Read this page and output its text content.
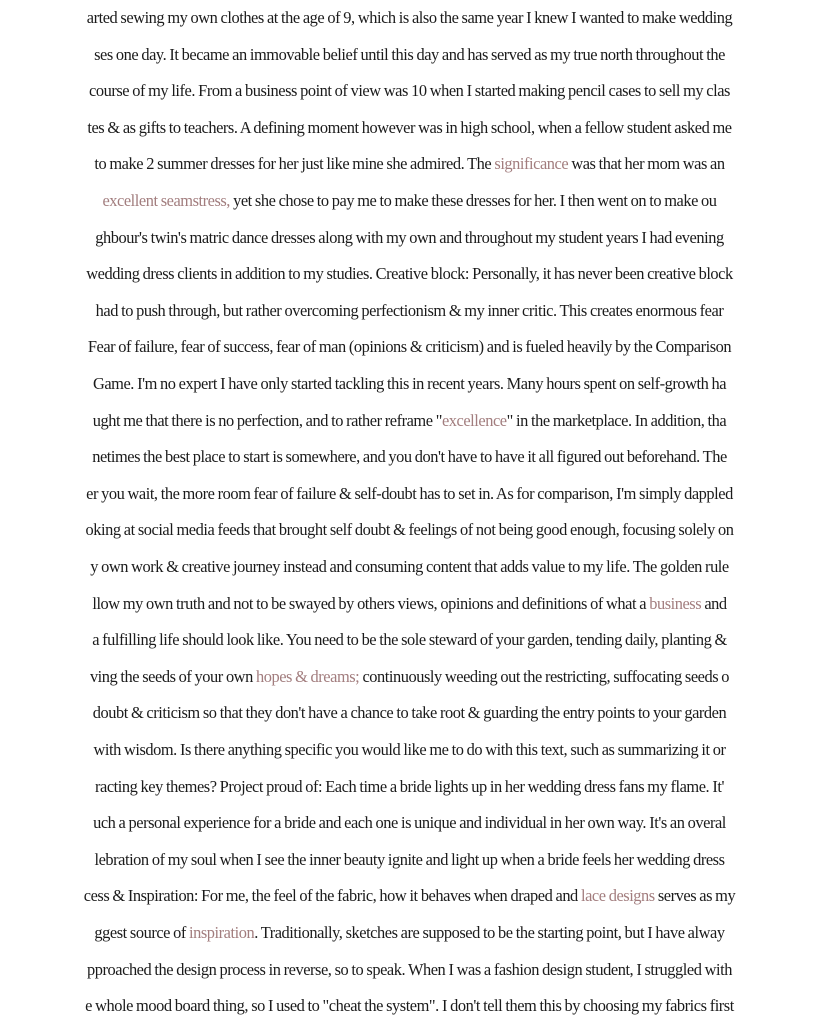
arted sewing my own clothes at the age of 9, which is also the same year I knew I wanted to make wedding
ses one day. It became an immovable belief until this day and has served as my true north throughout the
course of my life. From a business point of view was 10 when I started making pencil cases to sell my clas
tes & as gifts to teachers. A defining moment however was in high school, when a fellow student asked me
to make 2 summer dresses for her just like mine she admired. The significance was that her mom was an
excellent seamstress, yet she chose to pay me to make these dresses for her. I then went on to make ou
ghbour's twin's matric dance dresses along with my own and throughout my student years I had evening
wedding dress clients in addition to my studies. Creative block: Personally, it has never been creative block
had to push through, but rather overcoming perfectionism & my inner critic. This creates enormous fear
Fear of failure, fear of success, fear of man (opinions & criticism) and is fueled heavily by the Comparison
Game. I'm no expert I have only started tackling this in recent years. Many hours spent on self-growth ha
ught me that there is no perfection, and to rather reframe "excellence" in the marketplace. In addition, tha
netimes the best place to start is somewhere, and you don't have to have it all figured out beforehand. The
er you wait, the more room fear of failure & self-doubt has to set in. As for comparison, I'm simply dappled
oking at social media feeds that brought self doubt & feelings of not being good enough, focusing solely on
y own work & creative journey instead and consuming content that adds value to my life. The golden rule
llow my own truth and not to be swayed by others views, opinions and definitions of what a business and
a fulfilling life should look like. You need to be the sole steward of your garden, tending daily, planting &
ving the seeds of your own hopes & dreams; continuously weeding out the restricting, suffocating seeds o
doubt & criticism so that they don't have a chance to take root & guarding the entry points to your garden
with wisdom. Is there anything specific you would like me to do with this text, such as summarizing it or
racting key themes? Project proud of: Each time a bride lights up in her wedding dress fans my flame. It'
uch a personal experience for a bride and each one is unique and individual in her own way. It's an overal
lebration of my soul when I see the inner beauty ignite and light up when a bride feels her wedding dress
cess & Inspiration: For me, the feel of the fabric, how it behaves when draped and lace designs serves as my
ggest source of inspiration. Traditionally, sketches are supposed to be the starting point, but I have alway
pproached the design process in reverse, so to speak. When I was a fashion design student, I struggled with
e whole mood board thing, so I used to "cheat the system". I don't tell them this by choosing my fabrics first
